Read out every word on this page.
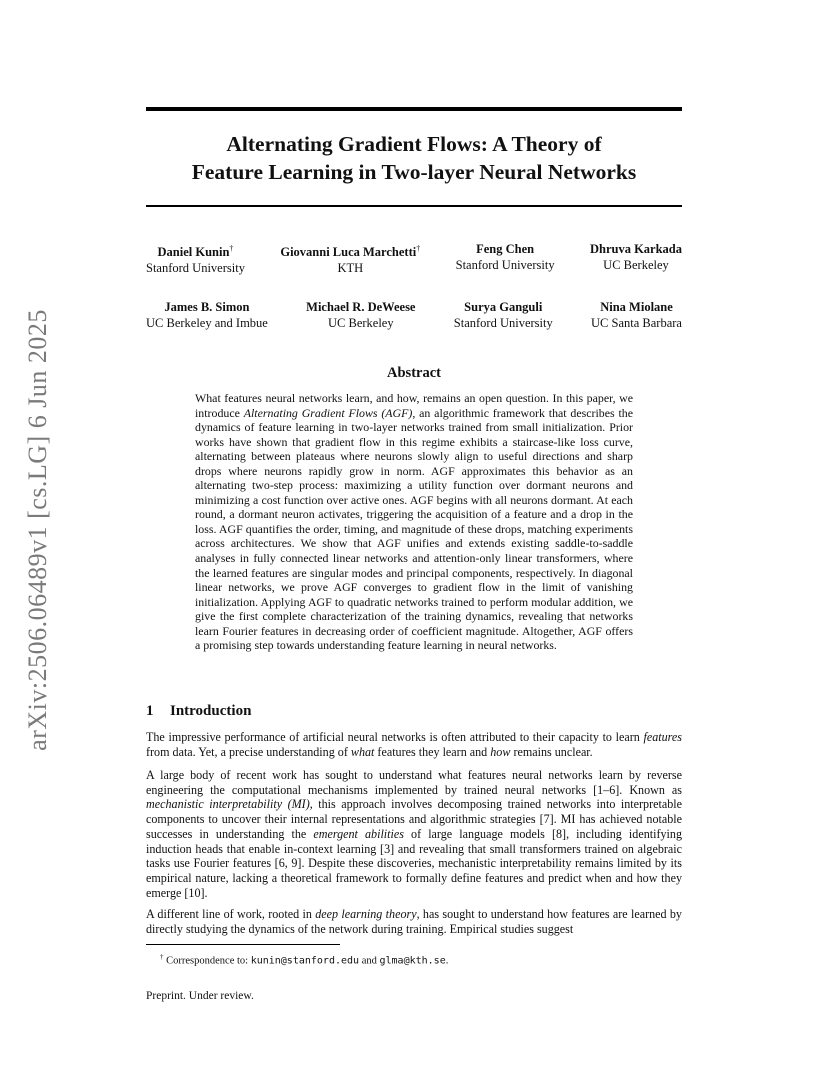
arXiv:2506.06489v1 [cs.LG] 6 Jun 2025
Alternating Gradient Flows: A Theory of
Feature Learning in Two-layer Neural Networks
Daniel Kunin†
Stanford University
Giovanni Luca Marchetti†
KTH
Feng Chen
Stanford University
Dhruva Karkada
UC Berkeley
James B. Simon
UC Berkeley and Imbue
Michael R. DeWeese
UC Berkeley
Surya Ganguli
Stanford University
Nina Miolane
UC Santa Barbara
Abstract
What features neural networks learn, and how, remains an open question. In this paper, we introduce Alternating Gradient Flows (AGF), an algorithmic framework that describes the dynamics of feature learning in two-layer networks trained from small initialization. Prior works have shown that gradient flow in this regime exhibits a staircase-like loss curve, alternating between plateaus where neurons slowly align to useful directions and sharp drops where neurons rapidly grow in norm. AGF approximates this behavior as an alternating two-step process: maximizing a utility function over dormant neurons and minimizing a cost function over active ones. AGF begins with all neurons dormant. At each round, a dormant neuron activates, triggering the acquisition of a feature and a drop in the loss. AGF quantifies the order, timing, and magnitude of these drops, matching experiments across architectures. We show that AGF unifies and extends existing saddle-to-saddle analyses in fully connected linear networks and attention-only linear transformers, where the learned features are singular modes and principal components, respectively. In diagonal linear networks, we prove AGF converges to gradient flow in the limit of vanishing initialization. Applying AGF to quadratic networks trained to perform modular addition, we give the first complete characterization of the training dynamics, revealing that networks learn Fourier features in decreasing order of coefficient magnitude. Altogether, AGF offers a promising step towards understanding feature learning in neural networks.
1 Introduction
The impressive performance of artificial neural networks is often attributed to their capacity to learn features from data. Yet, a precise understanding of what features they learn and how remains unclear.
A large body of recent work has sought to understand what features neural networks learn by reverse engineering the computational mechanisms implemented by trained neural networks [1–6]. Known as mechanistic interpretability (MI), this approach involves decomposing trained networks into interpretable components to uncover their internal representations and algorithmic strategies [7]. MI has achieved notable successes in understanding the emergent abilities of large language models [8], including identifying induction heads that enable in-context learning [3] and revealing that small transformers trained on algebraic tasks use Fourier features [6, 9]. Despite these discoveries, mechanistic interpretability remains limited by its empirical nature, lacking a theoretical framework to formally define features and predict when and how they emerge [10].
A different line of work, rooted in deep learning theory, has sought to understand how features are learned by directly studying the dynamics of the network during training. Empirical studies suggest
† Correspondence to: kunin@stanford.edu and glma@kth.se.
Preprint. Under review.
